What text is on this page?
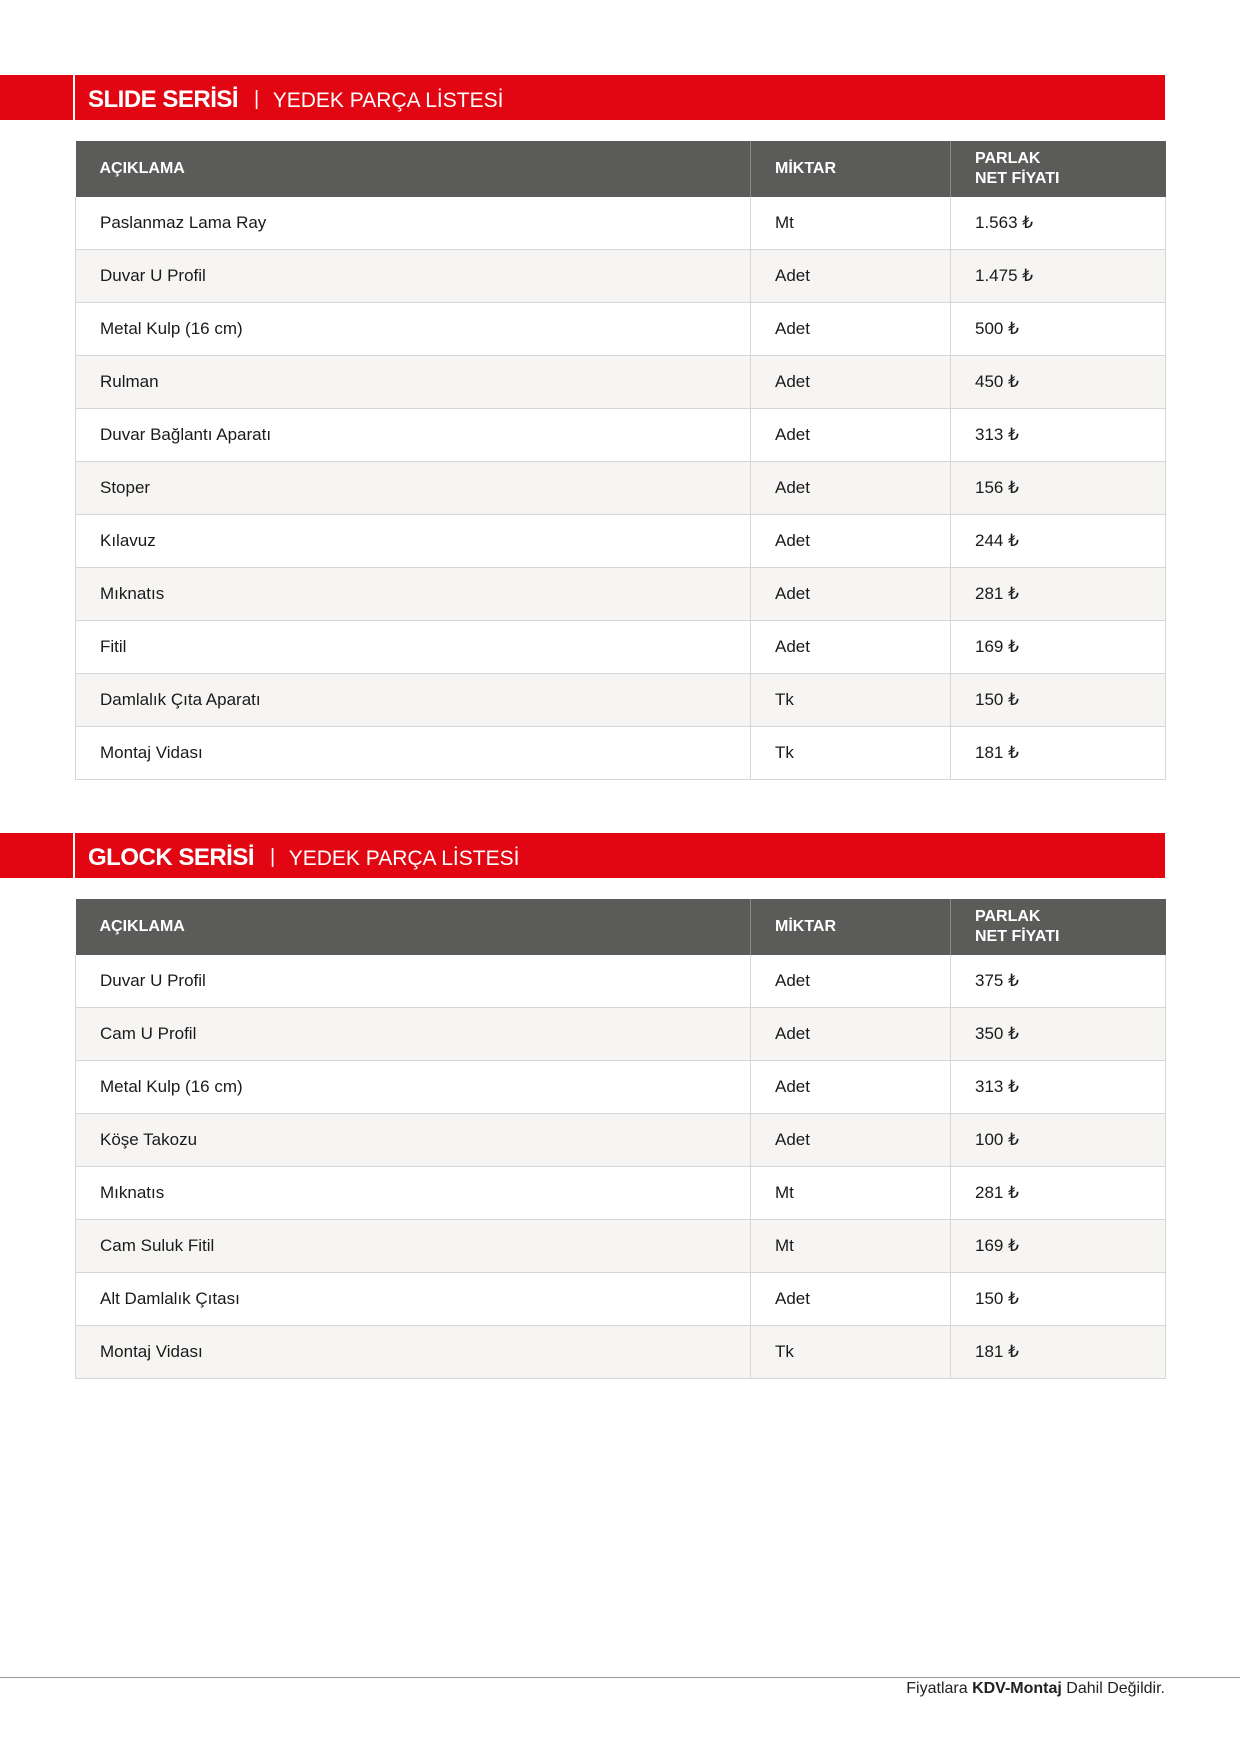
SLIDE SERİSİ | YEDEK PARÇA LİSTESİ
AÇIKLAMA	MİKTAR	PARLAK
NET FİYATI
Paslanmaz Lama Ray	Mt	1.563 ₺
Duvar U Profil	Adet	1.475 ₺
Metal Kulp (16 cm)	Adet	500 ₺
Rulman	Adet	450 ₺
Duvar Bağlantı Aparatı	Adet	313 ₺
Stoper	Adet	156 ₺
Kılavuz	Adet	244 ₺
Mıknatıs	Adet	281 ₺
Fitil	Adet	169 ₺
Damlalık Çıta Aparatı	Tk	150 ₺
Montaj Vidası	Tk	181 ₺
GLOCK SERİSİ | YEDEK PARÇA LİSTESİ
AÇIKLAMA	MİKTAR	PARLAK
NET FİYATI
Duvar U Profil	Adet	375 ₺
Cam U Profil	Adet	350 ₺
Metal Kulp (16 cm)	Adet	313 ₺
Köşe Takozu	Adet	100 ₺
Mıknatıs	Mt	281 ₺
Cam Suluk Fitil	Mt	169 ₺
Alt Damlalık Çıtası	Adet	150 ₺
Montaj Vidası	Tk	181 ₺
Fiyatlara KDV-Montaj Dahil Değildir.
